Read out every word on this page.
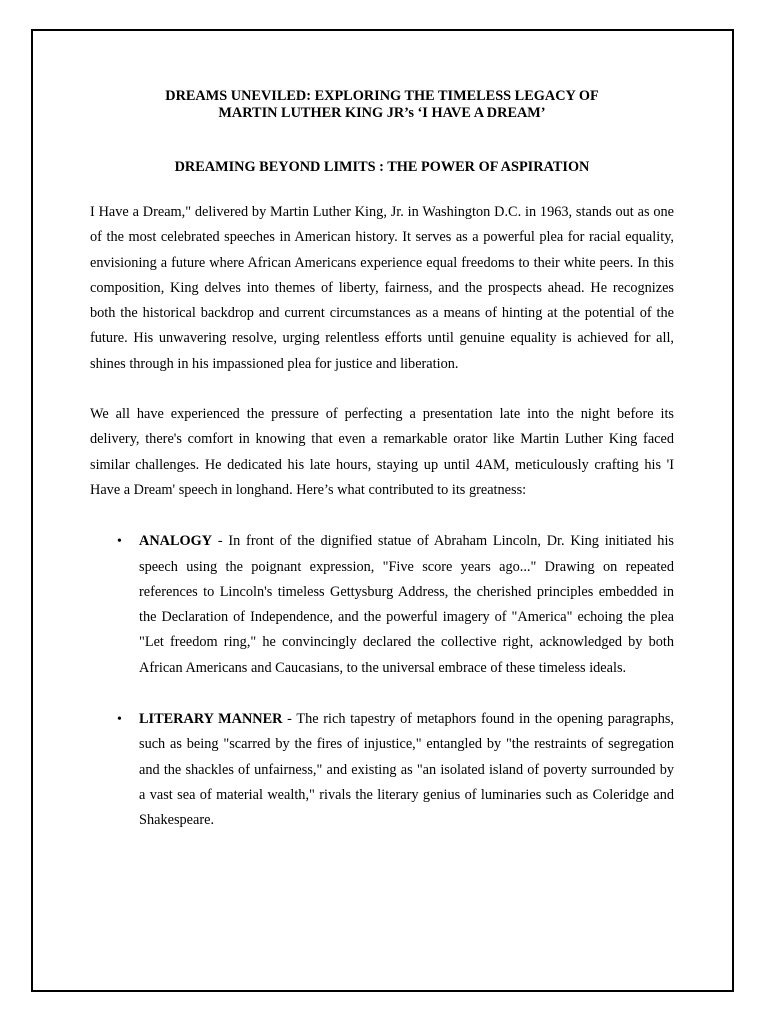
DREAMS UNEVILED: EXPLORING THE TIMELESS LEGACY OF
MARTIN LUTHER KING JR’s ‘I HAVE A DREAM’
DREAMING BEYOND LIMITS : THE POWER OF ASPIRATION

I Have a Dream," delivered by Martin Luther King, Jr. in Washington D.C. in 1963, stands out as one of the most celebrated speeches in American history. It serves as a powerful plea for racial equality, envisioning a future where African Americans experience equal freedoms to their white peers. In this composition, King delves into themes of liberty, fairness, and the prospects ahead. He recognizes both the historical backdrop and current circumstances as a means of hinting at the potential of the future. His unwavering resolve, urging relentless efforts until genuine equality is achieved for all, shines through in his impassioned plea for justice and liberation.

We all have experienced the pressure of perfecting a presentation late into the night before its delivery, there's comfort in knowing that even a remarkable orator like Martin Luther King faced similar challenges. He dedicated his late hours, staying up until 4AM, meticulously crafting his 'I Have a Dream' speech in longhand. Here’s what contributed to its greatness:

• ANALOGY - In front of the dignified statue of Abraham Lincoln, Dr. King initiated his speech using the poignant expression, "Five score years ago..." Drawing on repeated references to Lincoln's timeless Gettysburg Address, the cherished principles embedded in the Declaration of Independence, and the powerful imagery of "America" echoing the plea "Let freedom ring," he convincingly declared the collective right, acknowledged by both African Americans and Caucasians, to the universal embrace of these timeless ideals.
• LITERARY MANNER - The rich tapestry of metaphors found in the opening paragraphs, such as being "scarred by the fires of injustice," entangled by "the restraints of segregation and the shackles of unfairness," and existing as "an isolated island of poverty surrounded by a vast sea of material wealth," rivals the literary genius of luminaries such as Coleridge and Shakespeare.
